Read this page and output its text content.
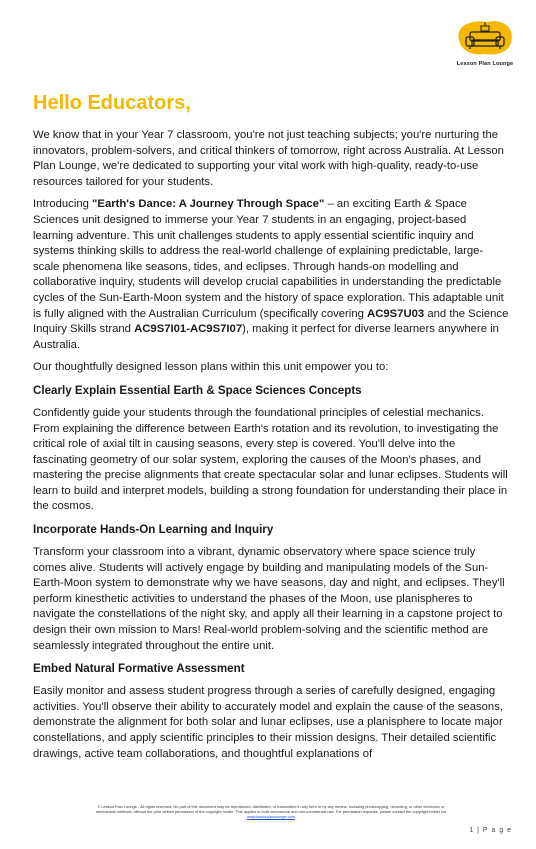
Lesson Plan Lounge
Hello Educators,

We know that in your Year 7 classroom, you're not just teaching subjects; you're nurturing the innovators, problem-solvers, and critical thinkers of tomorrow, right across Australia. At Lesson Plan Lounge, we're dedicated to supporting your vital work with high-quality, ready-to-use resources tailored for your students.

Introducing "Earth's Dance: A Journey Through Space" – an exciting Earth & Space Sciences unit designed to immerse your Year 7 students in an engaging, project-based learning adventure. This unit challenges students to apply essential scientific inquiry and systems thinking skills to address the real-world challenge of explaining predictable, large-scale phenomena like seasons, tides, and eclipses. Through hands-on modelling and collaborative inquiry, students will develop crucial capabilities in understanding the predictable cycles of the Sun-Earth-Moon system and the history of space exploration. This adaptable unit is fully aligned with the Australian Curriculum (specifically covering AC9S7U03 and the Science Inquiry Skills strand AC9S7I01-AC9S7I07), making it perfect for diverse learners anywhere in Australia.

Our thoughtfully designed lesson plans within this unit empower you to:

Clearly Explain Essential Earth & Space Sciences Concepts

Confidently guide your students through the foundational principles of celestial mechanics. From explaining the difference between Earth's rotation and its revolution, to investigating the critical role of axial tilt in causing seasons, every step is covered. You'll delve into the fascinating geometry of our solar system, exploring the causes of the Moon's phases, and mastering the precise alignments that create spectacular solar and lunar eclipses. Students will learn to build and interpret models, building a strong foundation for understanding their place in the cosmos.

Incorporate Hands-On Learning and Inquiry

Transform your classroom into a vibrant, dynamic observatory where space science truly comes alive. Students will actively engage by building and manipulating models of the Sun-Earth-Moon system to demonstrate why we have seasons, day and night, and eclipses. They'll perform kinesthetic activities to understand the phases of the Moon, use planispheres to navigate the constellations of the night sky, and apply all their learning in a capstone project to design their own mission to Mars! Real-world problem-solving and the scientific method are seamlessly integrated throughout the entire unit.

Embed Natural Formative Assessment

Easily monitor and assess student progress through a series of carefully designed, engaging activities. You'll observe their ability to accurately model and explain the cause of the seasons, demonstrate the alignment for both solar and lunar eclipses, use a planisphere to locate major constellations, and apply scientific principles to their mission designs. Their detailed scientific drawings, active team collaborations, and thoughtful explanations of

© Lesson Plan Lounge - All rights reserved. No part of this document may be reproduced, distributed, or transmitted in any form or by any means, including photocopying, recording, or other electronic or
mechanical methods, without the prior written permission of the copyright holder. This applies to both commercial and non-commercial use. For permission requests, please contact the copyright holder via
www.lessonplanlounge.com
1 | P a g e
